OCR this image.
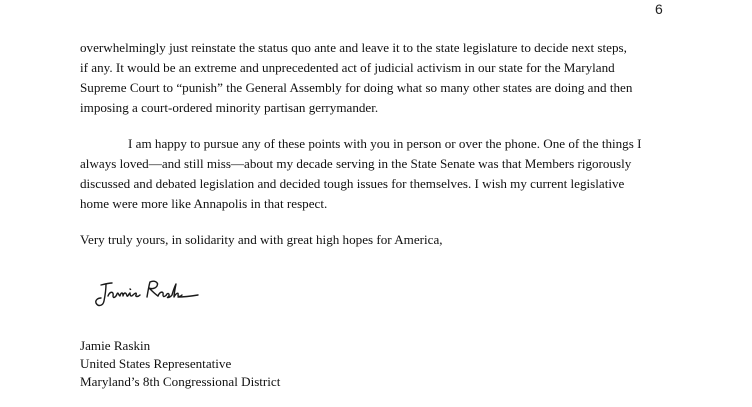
6

overwhelmingly just reinstate the status quo ante and leave it to the state legislature to decide next steps,
if any. It would be an extreme and unprecedented act of judicial activism in our state for the Maryland
Supreme Court to “punish” the General Assembly for doing what so many other states are doing and then
imposing a court-ordered minority partisan gerrymander.

I am happy to pursue any of these points with you in person or over the phone. One of the things I
always loved—and still miss—about my decade serving in the State Senate was that Members rigorously
discussed and debated legislation and decided tough issues for themselves. I wish my current legislative
home were more like Annapolis in that respect.

Very truly yours, in solidarity and with great high hopes for America,

Jamie Raskin
United States Representative
Maryland’s 8th Congressional District
